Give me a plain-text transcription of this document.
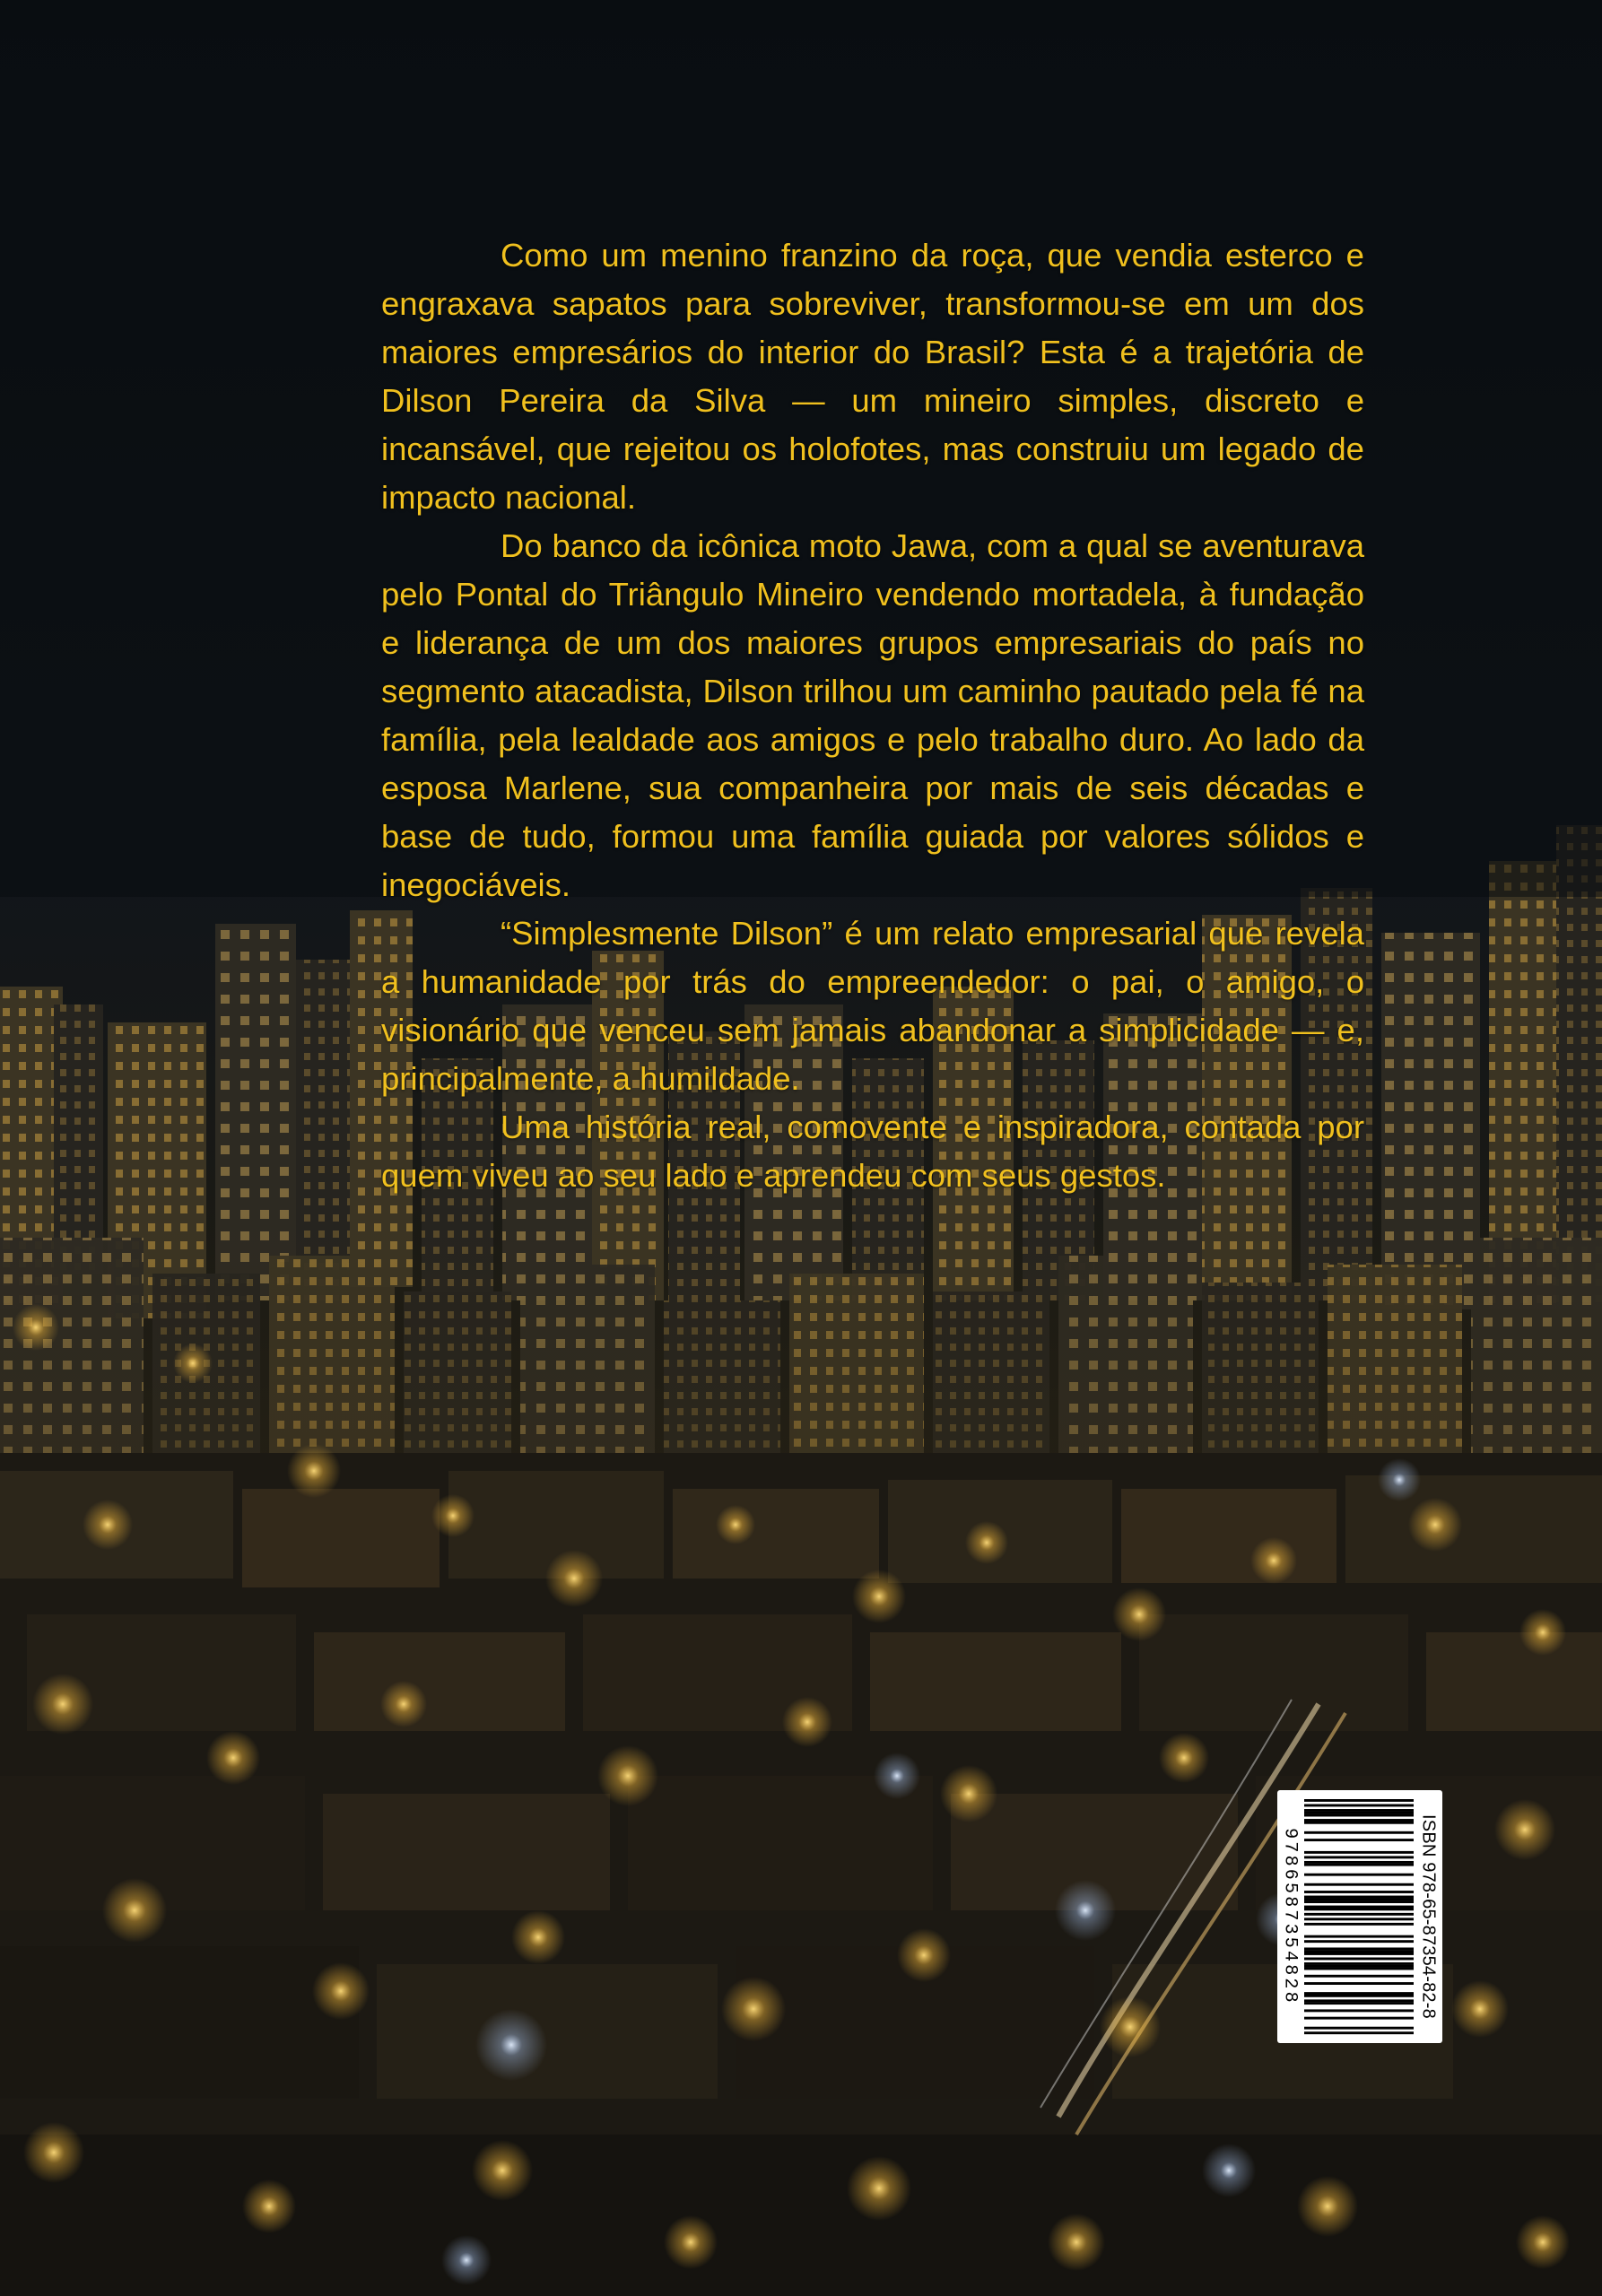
Como um menino franzino da roça, que vendia esterco e engraxava sapatos para sobreviver, transformou-se em um dos maiores empresários do interior do Brasil? Esta é a trajetória de Dilson Pereira da Silva — um mineiro simples, discreto e incansável, que rejeitou os holofotes, mas construiu um legado de impacto nacional.

Do banco da icônica moto Jawa, com a qual se aventurava pelo Pontal do Triângulo Mineiro vendendo mortadela, à fundação e liderança de um dos maiores grupos empresariais do país no segmento atacadista, Dilson trilhou um caminho pautado pela fé na família, pela lealdade aos amigos e pelo trabalho duro. Ao lado da esposa Marlene, sua companheira por mais de seis décadas e base de tudo, formou uma família guiada por valores sólidos e inegociáveis.

“Simplesmente Dilson” é um relato empresarial que revela a humanidade por trás do empreendedor: o pai, o amigo, o visionário que venceu sem jamais abandonar a simplicidade — e, principalmente, a humildade.

Uma história real, comovente e inspiradora, contada por quem viveu ao seu lado e aprendeu com seus gestos.

ISBN 978-65-87354-82-8
9786587354828
